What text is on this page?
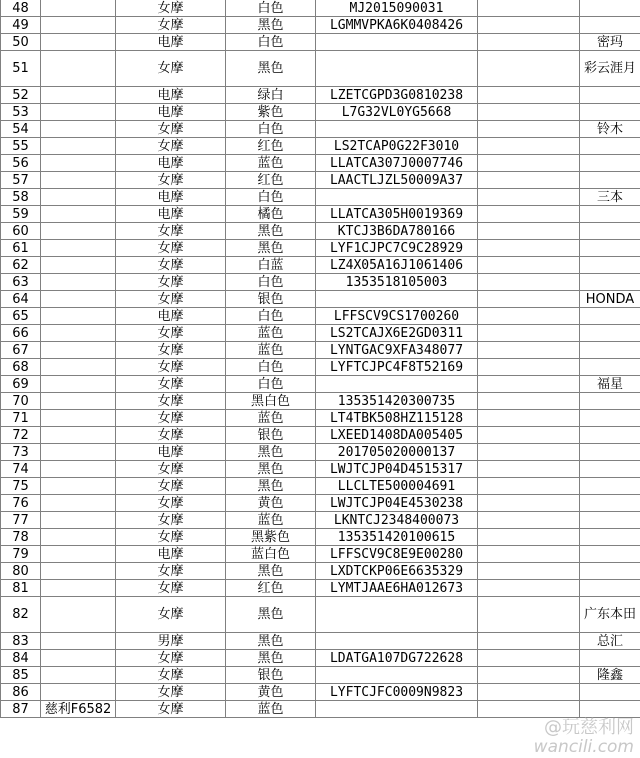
48		女摩	白色	MJ2015090031		
49		女摩	黑色	LGMMVPKA6K0408426		
50		电摩	白色			密玛
51		女摩	黑色			彩云涯月
52		电摩	绿白	LZETCGPD3G0810238		
53		电摩	紫色	L7G32VL0YG5668		
54		女摩	白色			铃木
55		女摩	红色	LS2TCAP0G22F3010		
56		电摩	蓝色	LLATCA307J0007746		
57		女摩	红色	LAACTLJZL50009A37		
58		电摩	白色			三本
59		电摩	橘色	LLATCA305H0019369		
60		女摩	黑色	KTCJ3B6DA780166		
61		女摩	黑色	LYF1CJPC7C9C28929		
62		女摩	白蓝	LZ4X05A16J1061406		
63		女摩	白色	1353518105003		
64		女摩	银色			HONDA
65		电摩	白色	LFFSCV9CS1700260		
66		女摩	蓝色	LS2TCAJX6E2GD0311		
67		女摩	蓝色	LYNTGAC9XFA348077		
68		女摩	白色	LYFTCJPC4F8T52169		
69		女摩	白色			福星
70		女摩	黑白色	135351420300735		
71		女摩	蓝色	LT4TBK508HZ115128		
72		女摩	银色	LXEED1408DA005405		
73		电摩	黑色	201705020000137		
74		女摩	黑色	LWJTCJP04D4515317		
75		女摩	黑色	LLCLTE500004691		
76		女摩	黄色	LWJTCJP04E4530238		
77		女摩	蓝色	LKNTCJ2348400073		
78		女摩	黑紫色	135351420100615		
79		电摩	蓝白色	LFFSCV9C8E9E00280		
80		女摩	黑色	LXDTCKP06E6635329		
81		女摩	红色	LYMTJAAE6HA012673		
82		女摩	黑色			广东本田
83		男摩	黑色			总汇
84		女摩	黑色	LDATGA107DG722628		
85		女摩	银色			隆鑫
86		女摩	黄色	LYFTCJFC0009N9823		
87	慈利F6582	女摩	蓝色			
@玩慈利网
wancili.com
